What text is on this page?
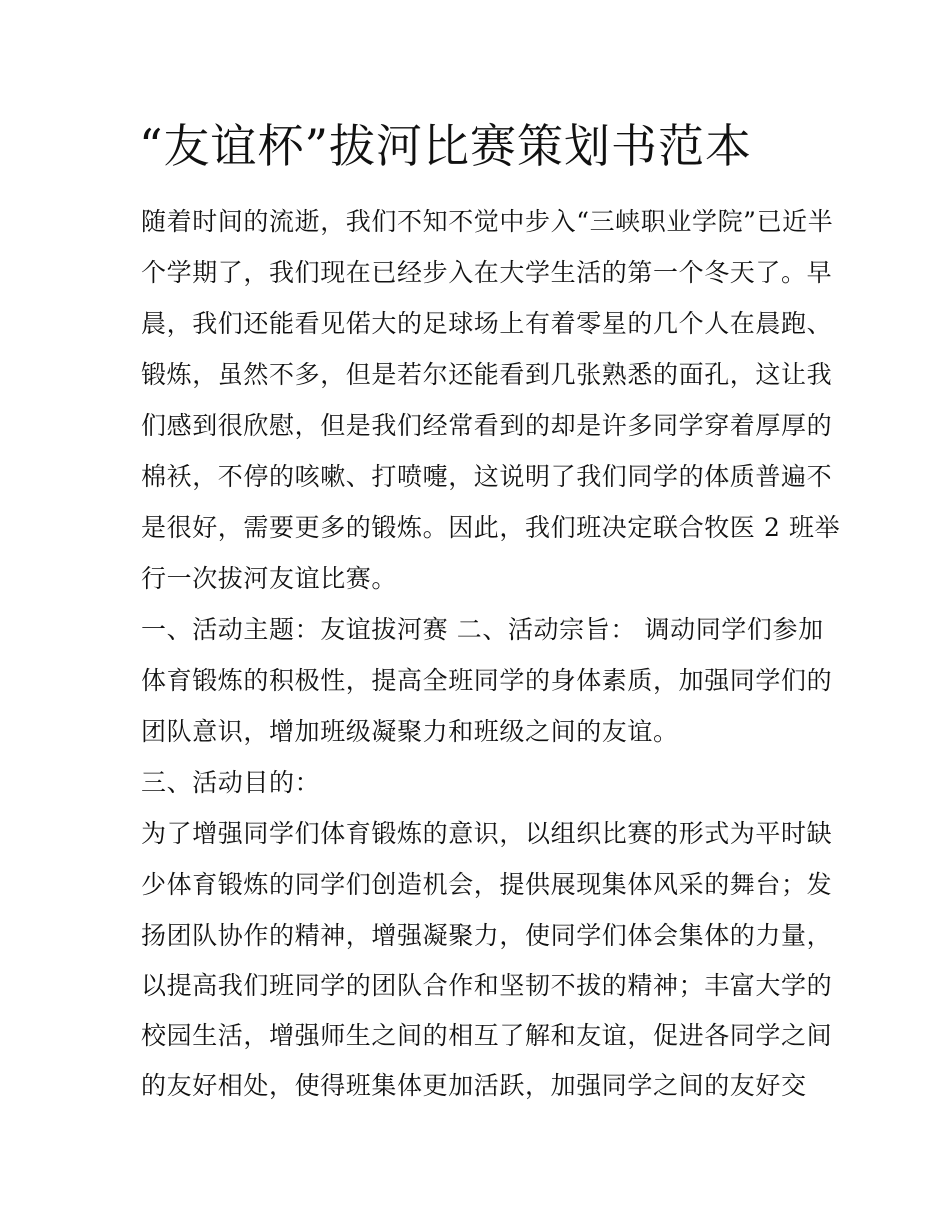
“友谊杯”拔河比赛策划书范本
随着时间的流逝，我们不知不觉中步入“三峡职业学院”已近半
个学期了，我们现在已经步入在大学生活的第一个冬天了。早
晨，我们还能看见偌大的足球场上有着零星的几个人在晨跑、
锻炼，虽然不多，但是若尔还能看到几张熟悉的面孔，这让我
们感到很欣慰，但是我们经常看到的却是许多同学穿着厚厚的
棉袄，不停的咳嗽、打喷嚏，这说明了我们同学的体质普遍不
是很好，需要更多的锻炼。因此，我们班决定联合牧医 2 班举
行一次拔河友谊比赛。
一、活动主题：友谊拔河赛 二、活动宗旨： 调动同学们参加
体育锻炼的积极性，提高全班同学的身体素质，加强同学们的
团队意识，增加班级凝聚力和班级之间的友谊。
三、活动目的：
为了增强同学们体育锻炼的意识，以组织比赛的形式为平时缺
少体育锻炼的同学们创造机会，提供展现集体风采的舞台；发
扬团队协作的精神，增强凝聚力，使同学们体会集体的力量，
以提高我们班同学的团队合作和坚韧不拔的精神；丰富大学的
校园生活，增强师生之间的相互了解和友谊，促进各同学之间
的友好相处，使得班集体更加活跃，加强同学之间的友好交
